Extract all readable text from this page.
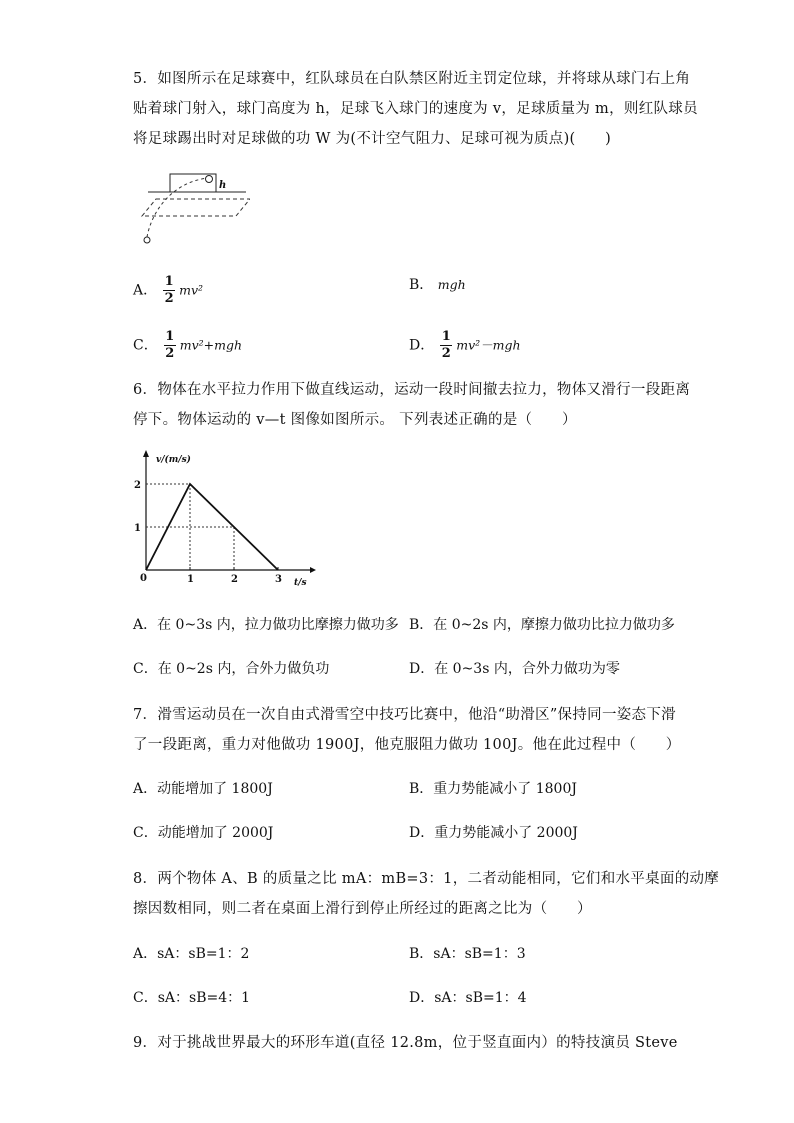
5．如图所示在足球赛中，红队球员在白队禁区附近主罚定位球，并将球从球门右上角
贴着球门射入，球门高度为 h，足球飞入球门的速度为 v，足球质量为 m，则红队球员
将足球踢出时对足球做的功 W 为(不计空气阻力、足球可视为质点)(　　)
h
A． $\frac{1}{2} mv^2$	B． mgh
C． $\frac{1}{2} mv^2+mgh$	D． $\frac{1}{2} mv^2-mgh$
6．物体在水平拉力作用下做直线运动，运动一段时间撤去拉力，物体又滑行一段距离
停下。物体运动的 v—t 图像如图所示。 下列表述正确的是（　　）
1	2	3
1
2
0
v/(m/s)
t/s
A．在 0~3s 内，拉力做功比摩擦力做功多 B．在 0~2s 内，摩擦力做功比拉力做功多
C．在 0~2s 内，合外力做负功	D．在 0~3s 内，合外力做功为零
7．滑雪运动员在一次自由式滑雪空中技巧比赛中，他沿“助滑区”保持同一姿态下滑
了一段距离，重力对他做功 1900J，他克服阻力做功 100J。他在此过程中（　　）
A．动能增加了 1800J	B．重力势能减小了 1800J
C．动能增加了 2000J	D．重力势能减小了 2000J
8．两个物体 A、B 的质量之比 mA：mB=3：1，二者动能相同，它们和水平桌面的动摩
擦因数相同，则二者在桌面上滑行到停止所经过的距离之比为（　　）
A．sA：sB=1：2	B．sA：sB=1：3
C．sA：sB=4：1	D．sA：sB=1：4
9．对于挑战世界最大的环形车道(直径 12.8m，位于竖直面内）的特技演员 Steve
